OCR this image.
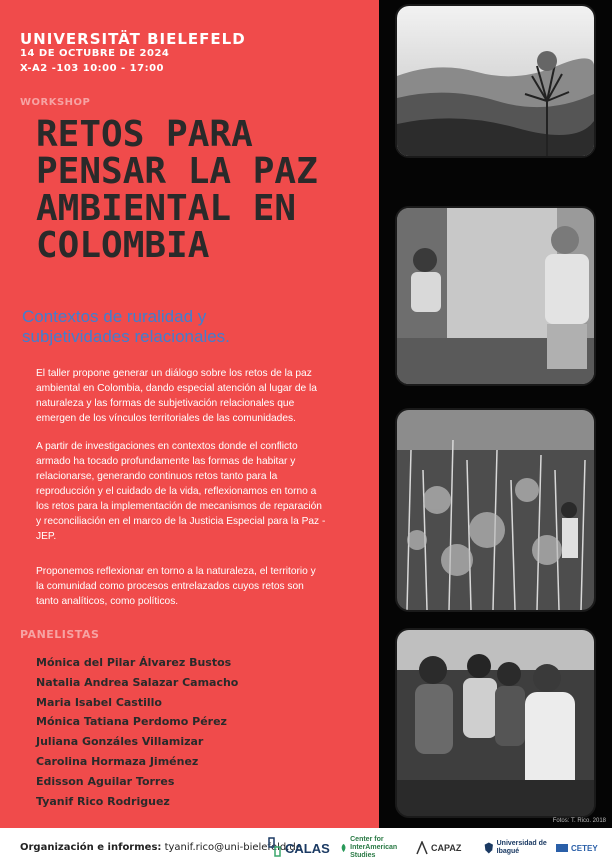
UNIVERSITÄT BIELEFELD
14 DE OCTUBRE DE 2024
X-A2 -103 10:00 - 17:00
WORKSHOP
RETOS PARA
PENSAR LA PAZ
AMBIENTAL EN
COLOMBIA

Contextos de ruralidad y
subjetividades relacionales.

El taller propone generar un diálogo sobre los retos de la paz
ambiental en Colombia, dando especial atención al lugar de la
naturaleza y las formas de subjetivación relacionales que
emergen de los vínculos territoriales de las comunidades.

A partir de investigaciones en contextos donde el conflicto
armado ha tocado profundamente las formas de habitar y
relacionarse, generando continuos retos tanto para la
reproducción y el cuidado de la vida, reflexionamos en torno a
los retos para la implementación de mecanismos de reparación
y reconciliación en el marco de la Justicia Especial para la Paz -
JEP.

Proponemos reflexionar en torno a la naturaleza, el territorio y
la comunidad como procesos entrelazados cuyos retos son
tanto analíticos, como políticos.

PANELISTAS
Mónica del Pilar Álvarez Bustos
Natalia Andrea Salazar Camacho
Maria Isabel Castillo
Mónica Tatiana Perdomo Pérez
Juliana Gonzáles Villamizar
Carolina Hormaza Jiménez
Edisson Aguilar Torres
Tyanif Rico Rodriguez
Fotos: T. Rico. 2018
Organización e informes: tyanif.rico@uni-bielefeld.de
CALAS
Center for InterAmerican Studies
CAPAZ	Universidad de Ibagué	CETEY
